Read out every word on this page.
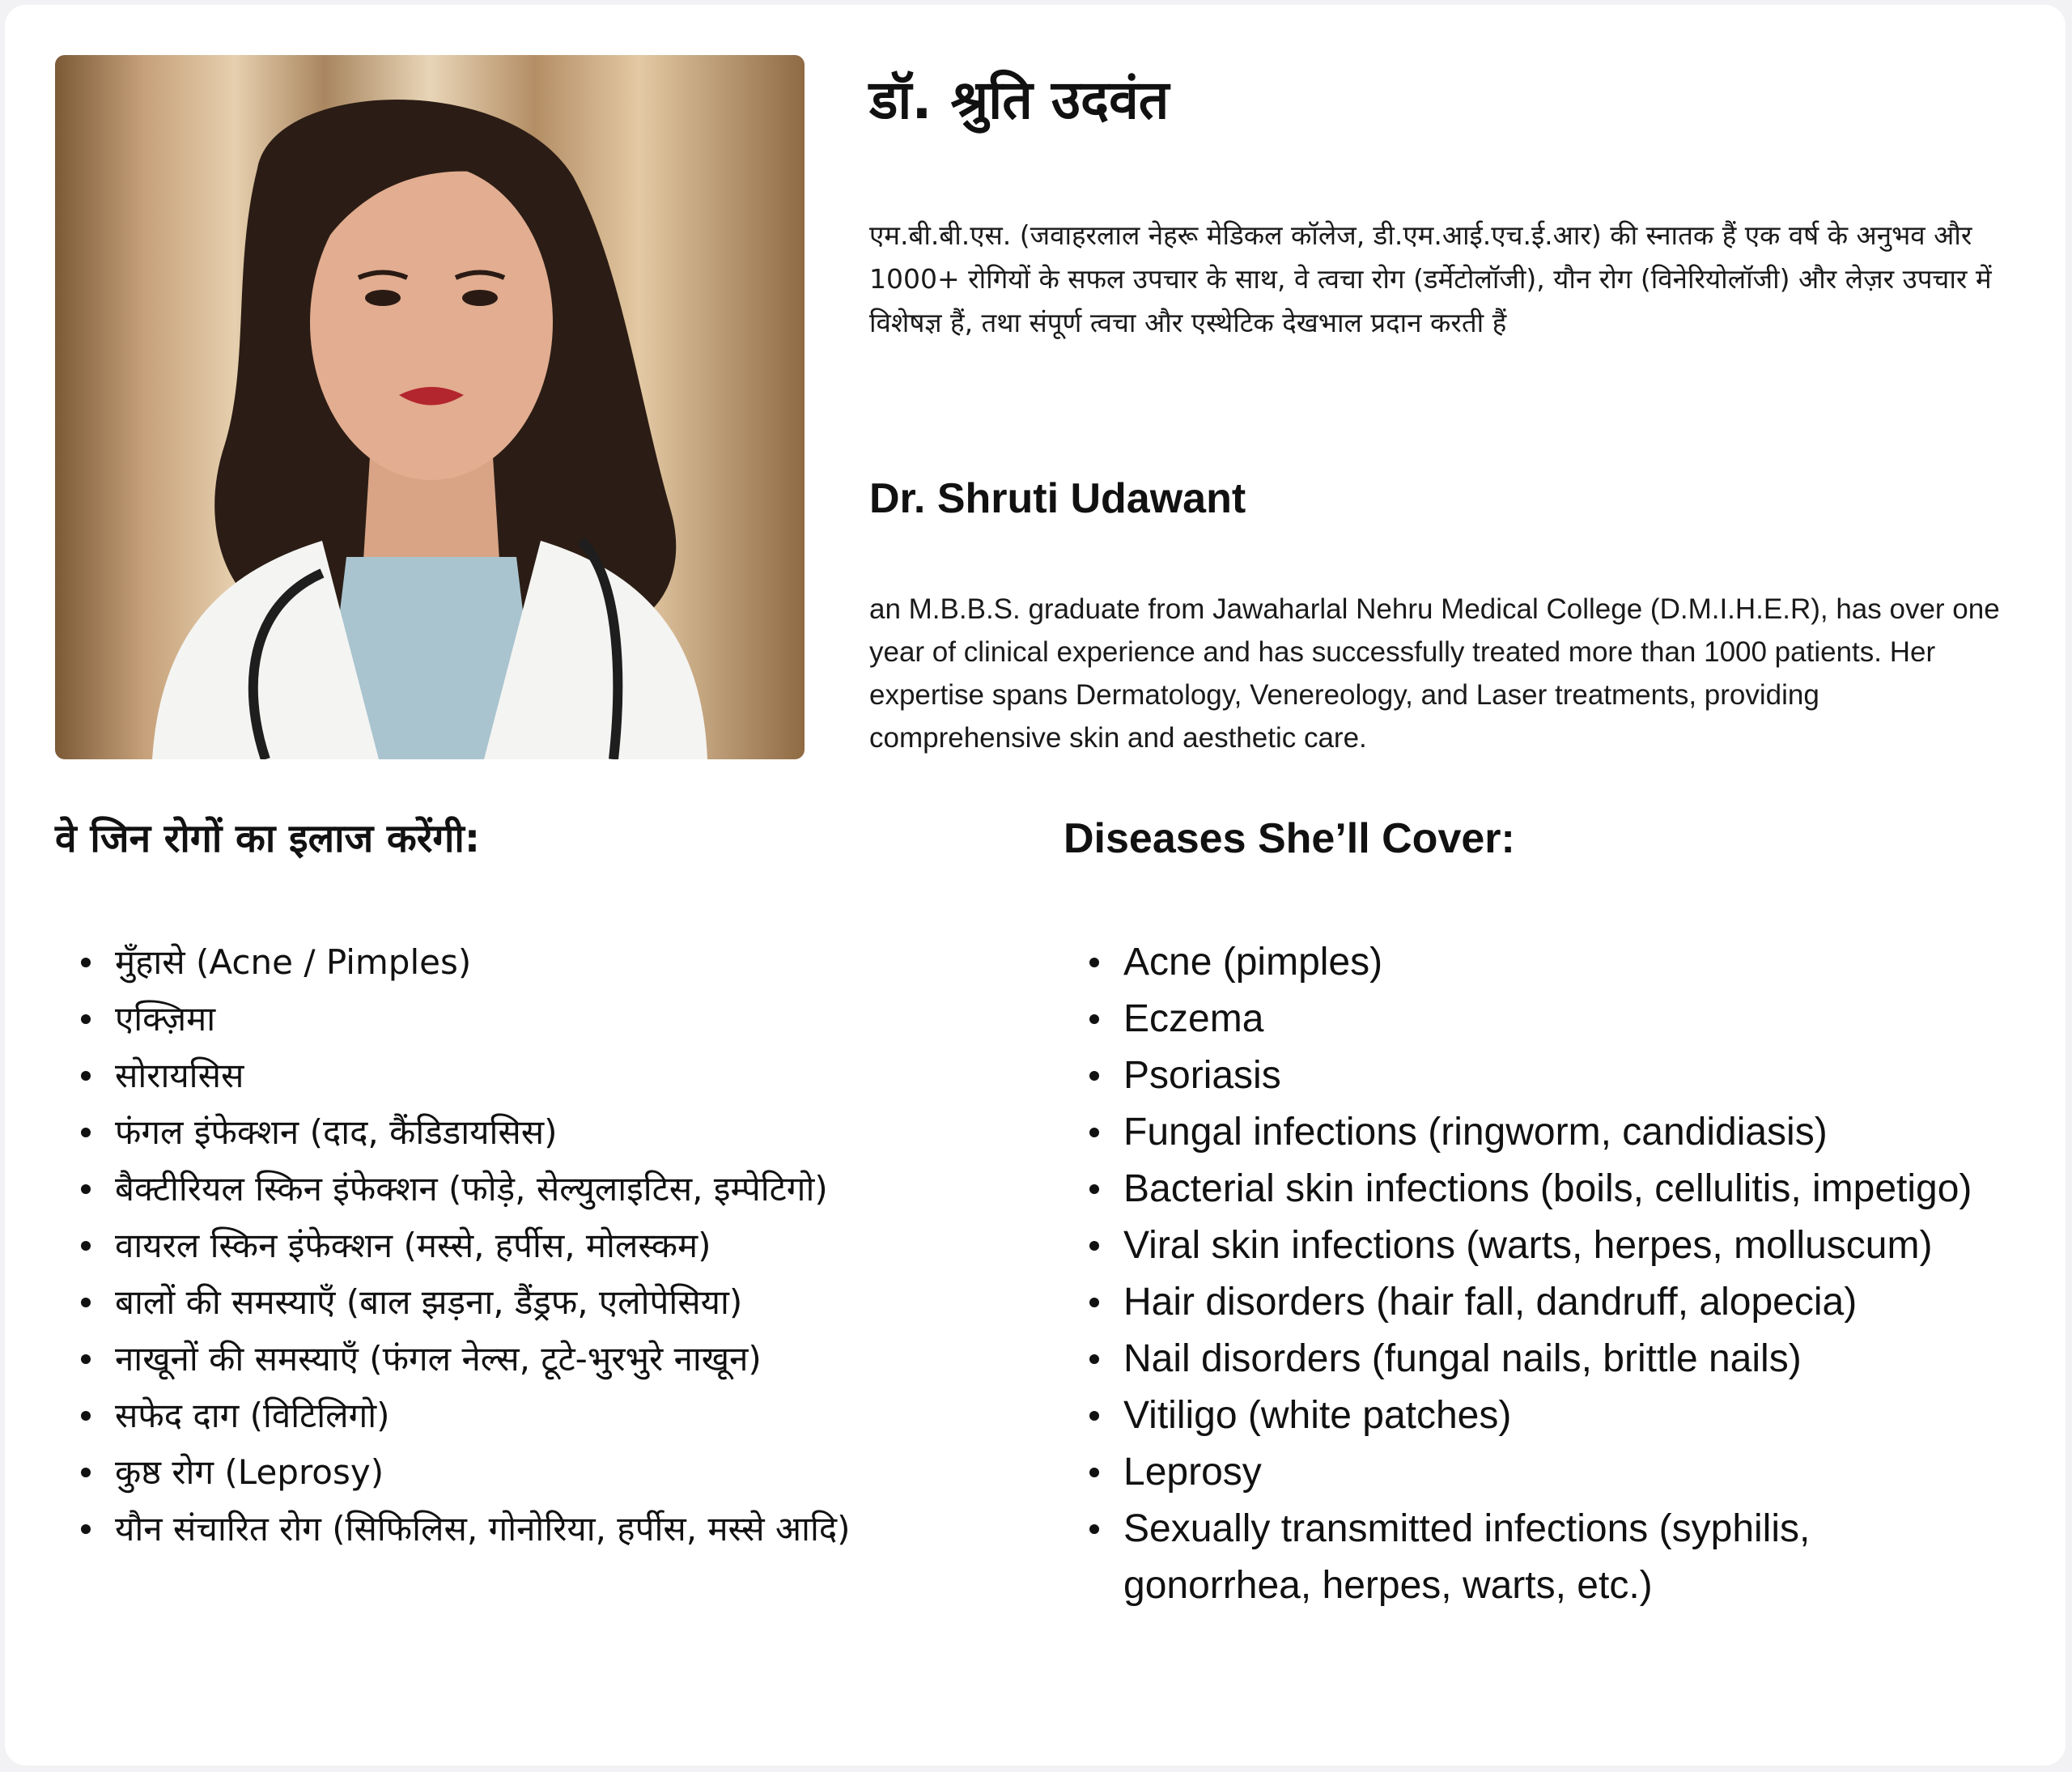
डॉ. श्रुति उदवंत
एम.बी.बी.एस. (जवाहरलाल नेहरू मेडिकल कॉलेज, डी.एम.आई.एच.ई.आर) की स्नातक हैं एक वर्ष के अनुभव और 1000+ रोगियों के सफल उपचार के साथ, वे त्वचा रोग (डर्मेटोलॉजी), यौन रोग (विनेरियोलॉजी) और लेज़र उपचार में विशेषज्ञ हैं, तथा संपूर्ण त्वचा और एस्थेटिक देखभाल प्रदान करती हैं
Dr. Shruti Udawant
an M.B.B.S. graduate from Jawaharlal Nehru Medical College (D.M.I.H.E.R), has over one year of clinical experience and has successfully treated more than 1000 patients. Her expertise spans Dermatology, Venereology, and Laser treatments, providing comprehensive skin and aesthetic care.
वे जिन रोगों का इलाज करेंगी:	Diseases She’ll Cover:
मुँहासे (Acne / Pimples)
एक्ज़िमा
सोरायसिस
फंगल इंफेक्शन (दाद, कैंडिडायसिस)
बैक्टीरियल स्किन इंफेक्शन (फोड़े, सेल्युलाइटिस, इम्पेटिगो)
वायरल स्किन इंफेक्शन (मस्से, हर्पीस, मोलस्कम)
बालों की समस्याएँ (बाल झड़ना, डैंड्रफ, एलोपेसिया)
नाखूनों की समस्याएँ (फंगल नेल्स, टूटे-भुरभुरे नाखून)
सफेद दाग (विटिलिगो)
कुष्ठ रोग (Leprosy)
यौन संचारित रोग (सिफिलिस, गोनोरिया, हर्पीस, मस्से आदि)
Acne (pimples)
Eczema
Psoriasis
Fungal infections (ringworm, candidiasis)
Bacterial skin infections (boils, cellulitis, impetigo)
Viral skin infections (warts, herpes, molluscum)
Hair disorders (hair fall, dandruff, alopecia)
Nail disorders (fungal nails, brittle nails)
Vitiligo (white patches)
Leprosy
Sexually transmitted infections (syphilis, gonorrhea, herpes, warts, etc.)
